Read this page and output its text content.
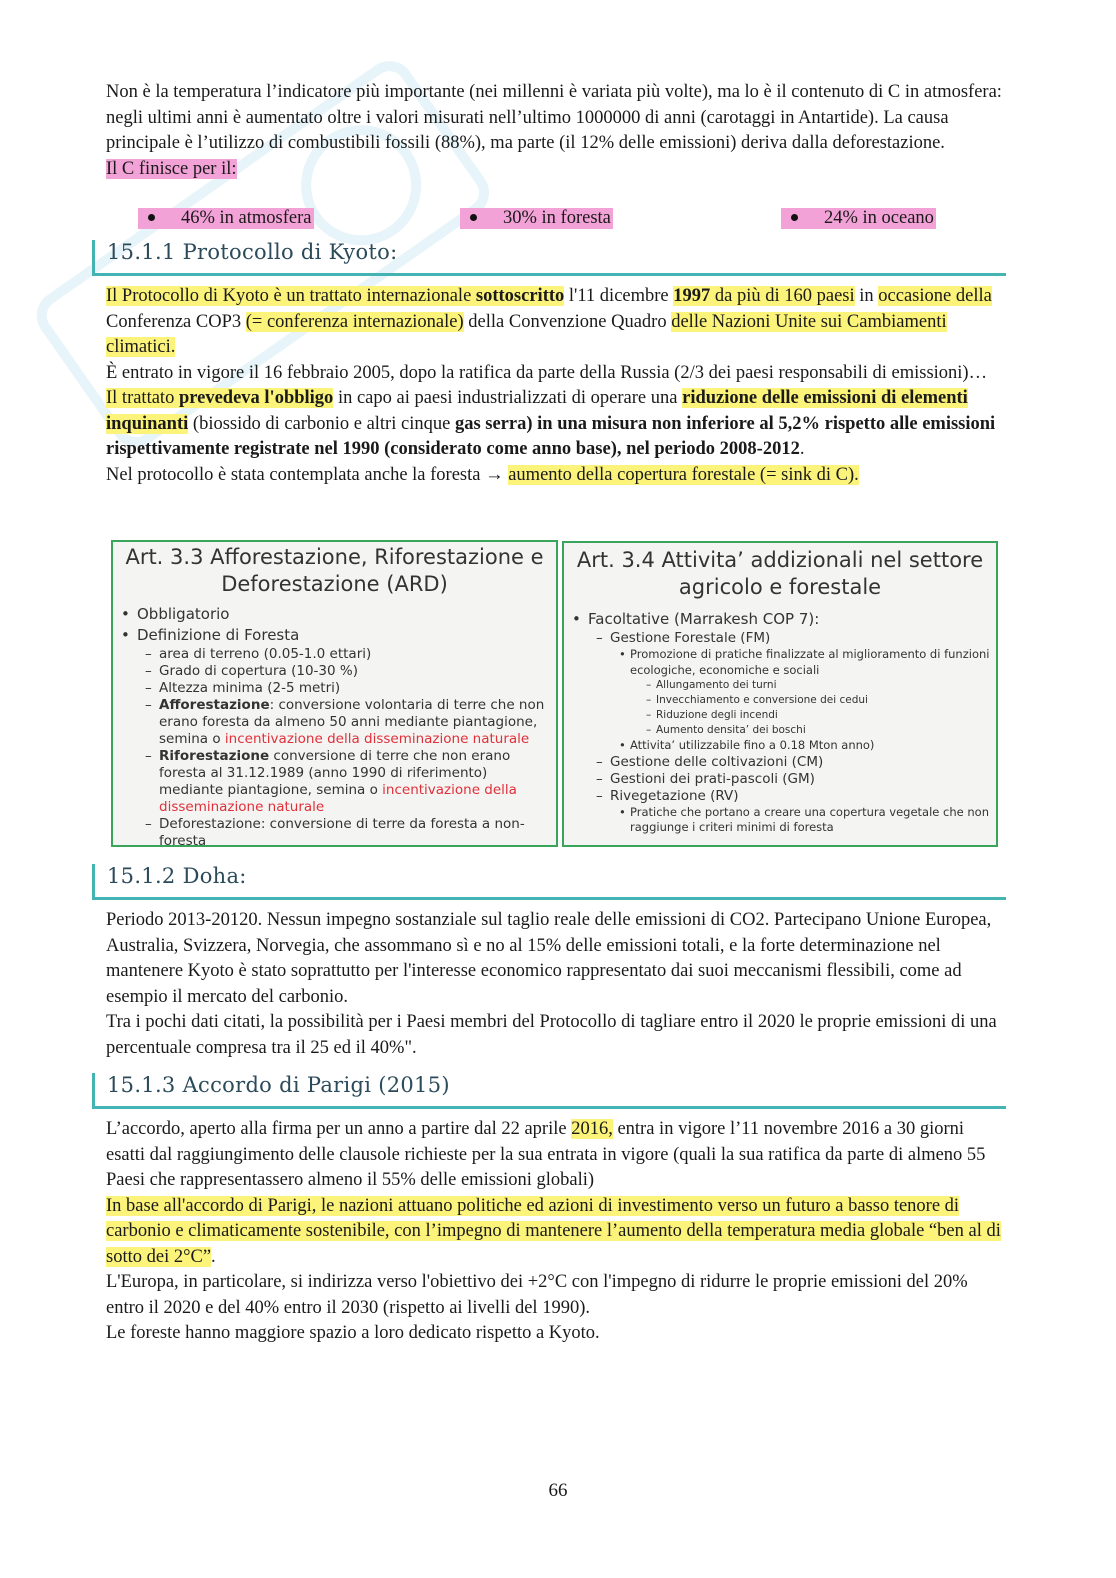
Non è la temperatura l’indicatore più importante (nei millenni è variata più volte), ma lo è il contenuto di C in atmosfera: negli ultimi anni è aumentato oltre i valori misurati nell’ultimo 1000000 di anni (carotaggi in Antartide). La causa principale è l’utilizzo di combustibili fossili (88%), ma parte (il 12% delle emissioni) deriva dalla deforestazione.

Il C finisce per il:

46% in atmosfera	30% in foresta	24% in oceano
15.1.1 Protocollo di Kyoto:

Il Protocollo di Kyoto è un trattato internazionale sottoscritto l'11 dicembre 1997 da più di 160 paesi in occasione della Conferenza COP3 (= conferenza internazionale) della Convenzione Quadro delle Nazioni Unite sui Cambiamenti climatici.

È entrato in vigore il 16 febbraio 2005, dopo la ratifica da parte della Russia (2/3 dei paesi responsabili di emissioni)…

Il trattato prevedeva l'obbligo in capo ai paesi industrializzati di operare una riduzione delle emissioni di elementi inquinanti (biossido di carbonio e altri cinque gas serra) in una misura non inferiore al 5,2% rispetto alle emissioni rispettivamente registrate nel 1990 (considerato come anno base), nel periodo 2008-2012.

Nel protocollo è stata contemplata anche la foresta → aumento della copertura forestale (= sink di C).

Art. 3.3 Afforestazione, Riforestazione e Deforestazione (ARD)
• Obbligatorio
• Definizione di Foresta
– area di terreno (0.05-1.0 ettari)
– Grado di copertura (10-30 %)
– Altezza minima (2-5 metri)
– Afforestazione: conversione volontaria di terre che non erano foresta da almeno 50 anni mediante piantagione, semina o incentivazione della disseminazione naturale
– Riforestazione conversione di terre che non erano foresta al 31.12.1989 (anno 1990 di riferimento) mediante piantagione, semina o incentivazione della disseminazione naturale
– Deforestazione: conversione di terre da foresta a non-foresta
Art. 3.4 Attivita’ addizionali nel settore agricolo e forestale
• Facoltative (Marrakesh COP 7):
– Gestione Forestale (FM)
• Promozione di pratiche finalizzate al miglioramento di funzioni ecologiche, economiche e sociali
– Allungamento dei turni
– Invecchiamento e conversione dei cedui
– Riduzione degli incendi
– Aumento densita’ dei boschi
• Attivita’ utilizzabile fino a 0.18 Mton anno)
– Gestione delle coltivazioni (CM)
– Gestioni dei prati-pascoli (GM)
– Rivegetazione (RV)
• Pratiche che portano a creare una copertura vegetale che non raggiunge i criteri minimi di foresta
15.1.2 Doha:

Periodo 2013-20120. Nessun impegno sostanziale sul taglio reale delle emissioni di CO2. Partecipano Unione Europea, Australia, Svizzera, Norvegia, che assommano sì e no al 15% delle emissioni totali, e la forte determinazione nel mantenere Kyoto è stato soprattutto per l'interesse economico rappresentato dai suoi meccanismi flessibili, come ad esempio il mercato del carbonio.

Tra i pochi dati citati, la possibilità per i Paesi membri del Protocollo di tagliare entro il 2020 le proprie emissioni di una percentuale compresa tra il 25 ed il 40%".

15.1.3 Accordo di Parigi (2015)

L’accordo, aperto alla firma per un anno a partire dal 22 aprile 2016, entra in vigore l’11 novembre 2016 a 30 giorni esatti dal raggiungimento delle clausole richieste per la sua entrata in vigore (quali la sua ratifica da parte di almeno 55 Paesi che rappresentassero almeno il 55% delle emissioni globali)

In base all'accordo di Parigi, le nazioni attuano politiche ed azioni di investimento verso un futuro a basso tenore di carbonio e climaticamente sostenibile, con l’impegno di mantenere l’aumento della temperatura media globale “ben al di sotto dei 2°C”.

L'Europa, in particolare, si indirizza verso l'obiettivo dei +2°C con l'impegno di ridurre le proprie emissioni del 20% entro il 2020 e del 40% entro il 2030 (rispetto ai livelli del 1990).

Le foreste hanno maggiore spazio a loro dedicato rispetto a Kyoto.

66
